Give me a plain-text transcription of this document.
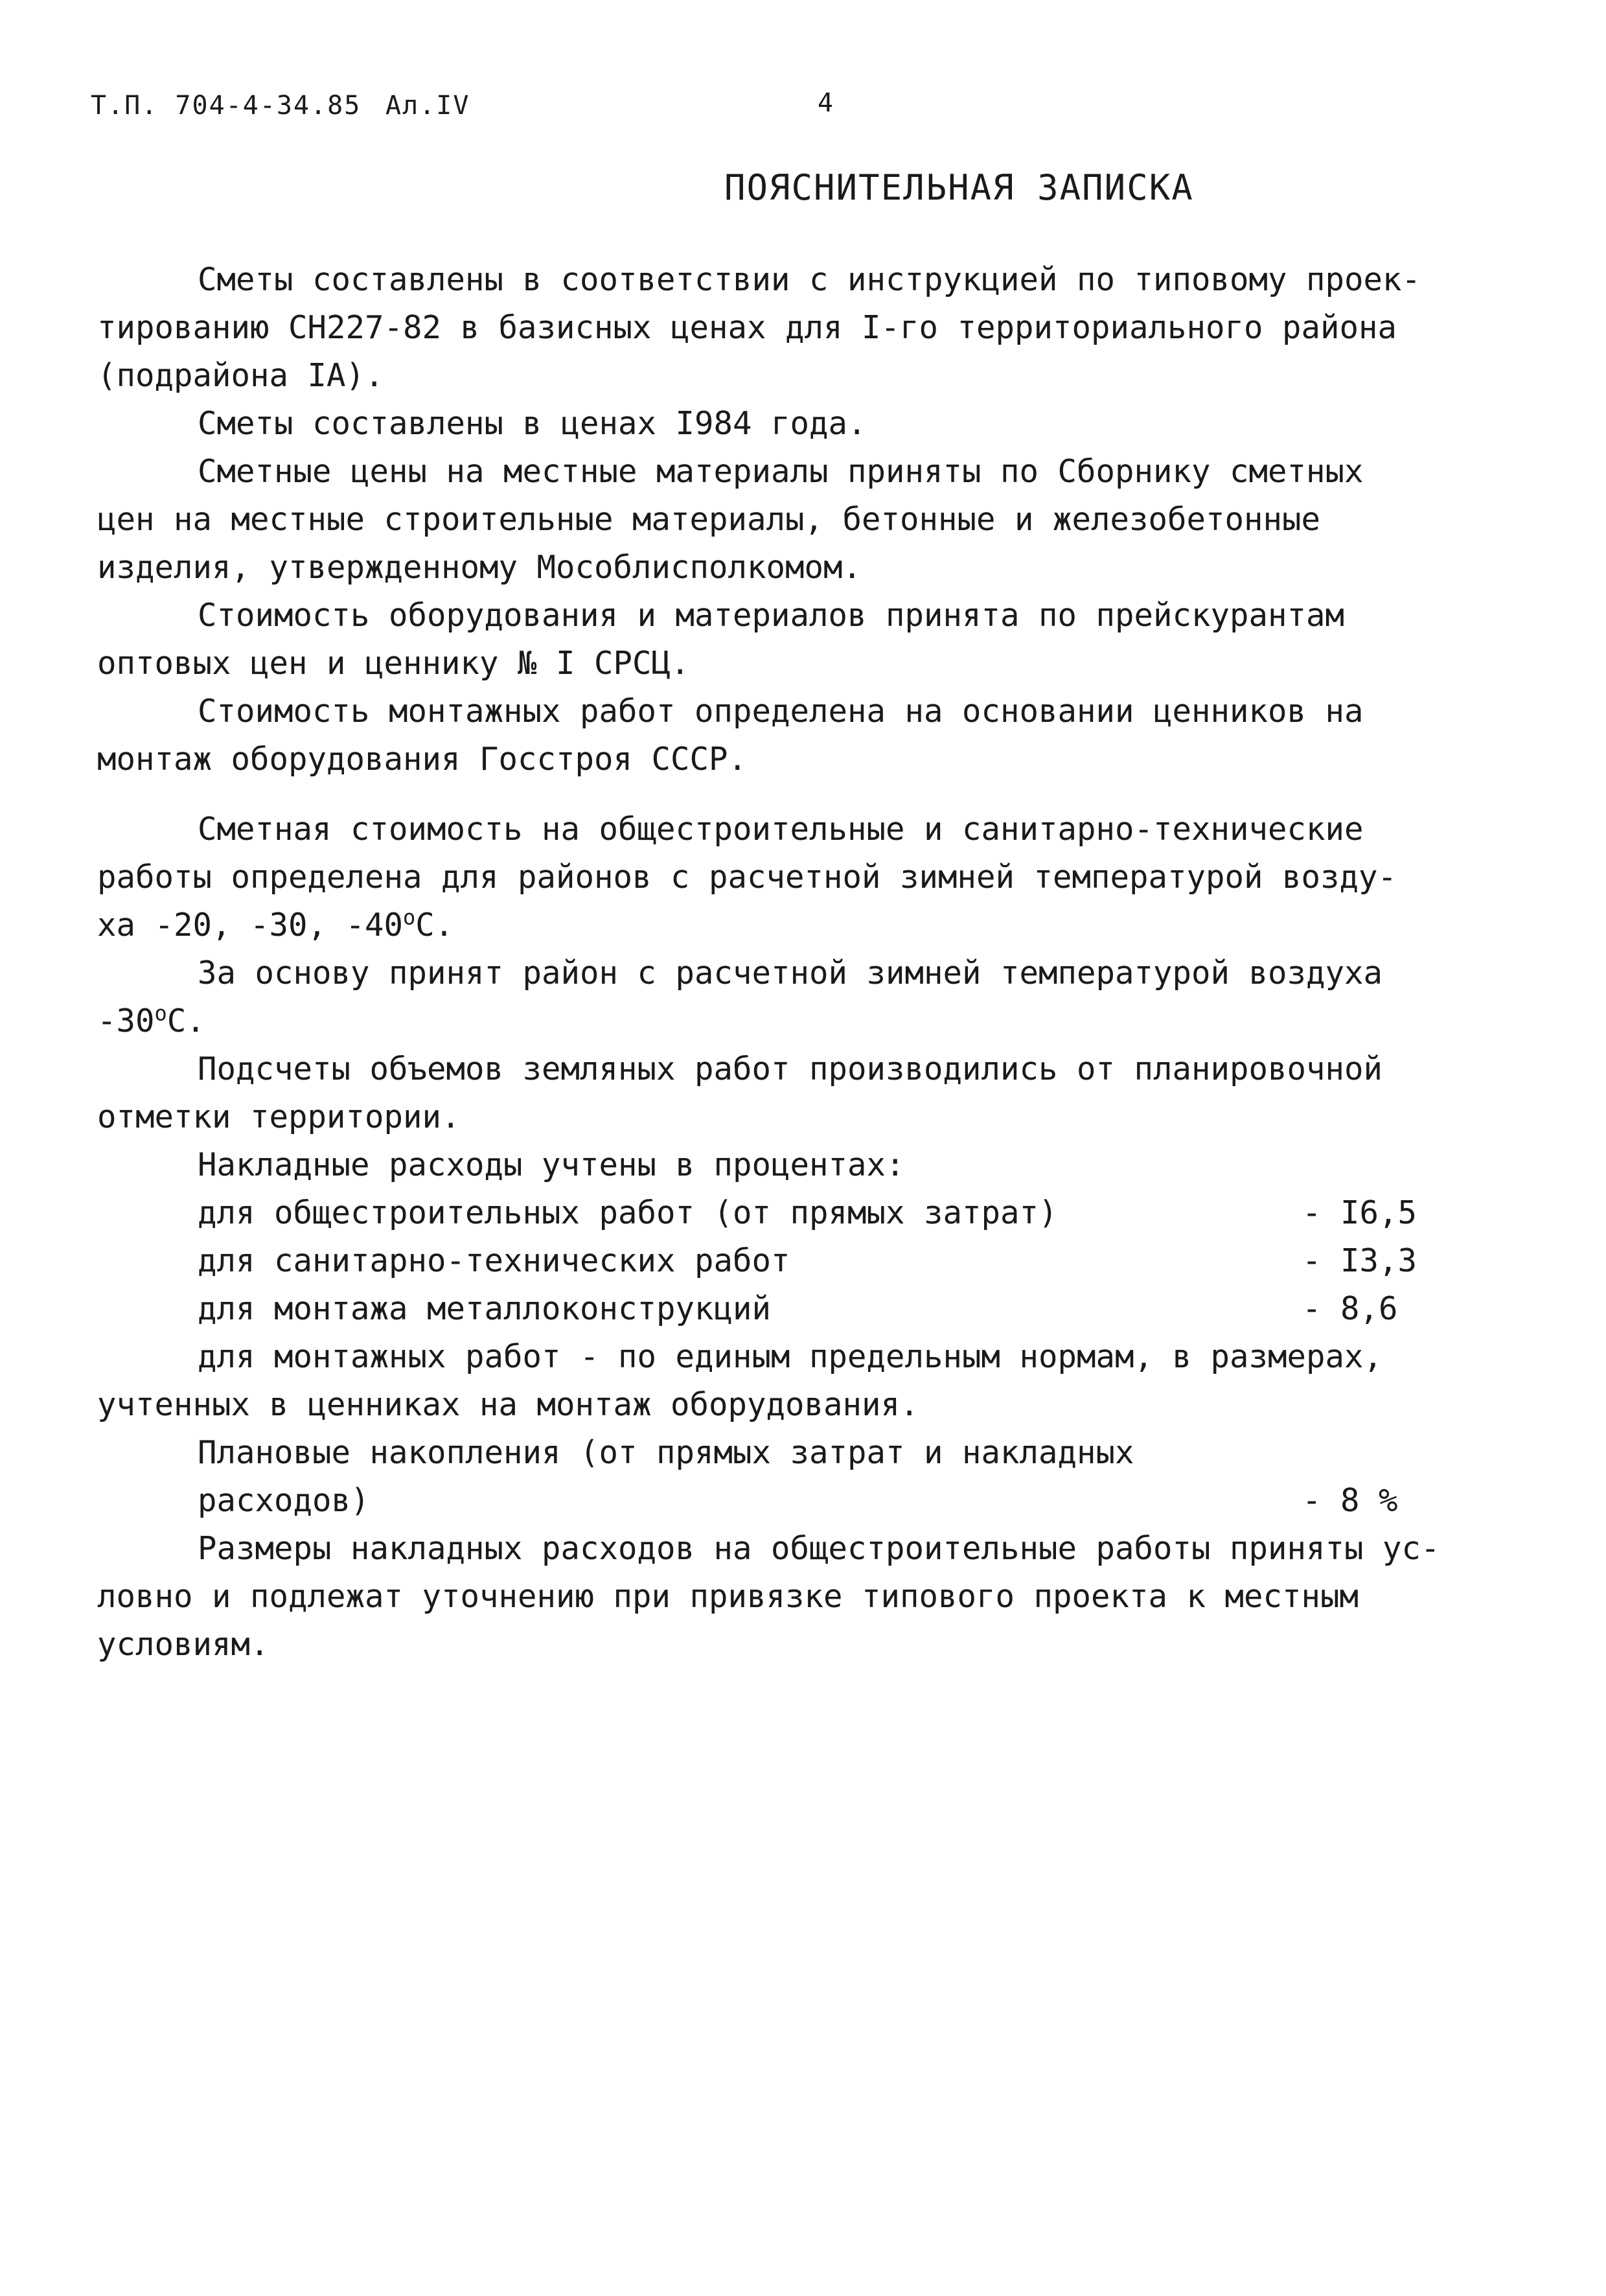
Т.П. 704-4-34.85 Ал.IV	4
ПОЯСНИТЕЛЬНАЯ ЗАПИСКА
Сметы составлены в соответствии с инструкцией по типовому проек-
тированию СН227-82 в базисных ценах для I-го территориального района
(подрайона IА).
Сметы составлены в ценах I984 года.
Сметные цены на местные материалы приняты по Сборнику сметных
цен на местные строительные материалы, бетонные и железобетонные
изделия, утвержденному Мособлисполкомом.
Стоимость оборудования и материалов принята по прейскурантам
оптовых цен и ценнику № I СРСЦ.
Стоимость монтажных работ определена на основании ценников на
монтаж оборудования Госстроя СССР.
Сметная стоимость на общестроительные и санитарно-технические
работы определена для районов с расчетной зимней температурой возду-
ха -20, -30, $-40^оС$.
За основу принят район с расчетной зимней температурой воздуха
$-30^оС$.
Подсчеты объемов земляных работ производились от планировочной
отметки территории.
Накладные расходы учтены в процентах:
для общестроительных работ (от прямых затрат)	- I6,5
для санитарно-технических работ	- I3,3
для монтажа металлоконструкций	- 8,6
для монтажных работ - по единым предельным нормам, в размерах,
учтенных в ценниках на монтаж оборудования.
Плановые накопления (от прямых затрат и накладных
расходов)	- 8 %
Размеры накладных расходов на общестроительные работы приняты ус-
ловно и подлежат уточнению при привязке типового проекта к местным
условиям.
